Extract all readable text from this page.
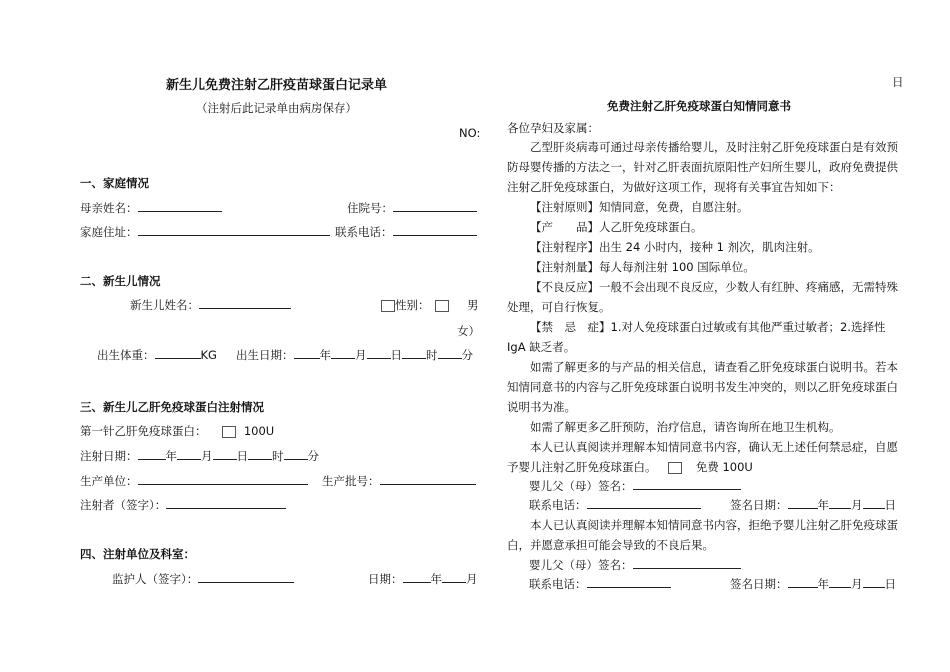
新生儿免费注射乙肝疫苗球蛋白记录单
（注射后此记录单由病房保存）
NO:
一、家庭情况
母亲姓名：	住院号：
家庭住址：	联系电话：
二、新生儿情况
新生儿姓名：	性别：	男
女）
出生体重：	KG 出生日期： 年 月 日 时 分
三、新生儿乙肝免疫球蛋白注射情况
第一针乙肝免疫球蛋白：	100U
注射日期： 年 月 日 时 分
生产单位：	生产批号：
注射者（签字）：
四、注射单位及科室：
监护人（签字）：	日期： 年 月
日
免费注射乙肝免疫球蛋白知情同意书
各位孕妇及家属：
乙型肝炎病毒可通过母亲传播给婴儿，及时注射乙肝免疫球蛋白是有效预防母婴传播的方法之一，针对乙肝表面抗原阳性产妇所生婴儿，政府免费提供注射乙肝免疫球蛋白，为做好这项工作，现将有关事宜告知如下：
【注射原则】知情同意，免费，自愿注射。
【产　　品】人乙肝免疫球蛋白。
【注射程序】出生 24 小时内，接种 1 剂次，肌肉注射。
【注射剂量】每人每剂注射 100 国际单位。
【不良反应】一般不会出现不良反应，少数人有红肿、疼痛感，无需特殊处理，可自行恢复。
【禁　忌　症】1.对人免疫球蛋白过敏或有其他严重过敏者；2.选择性 IgA 缺乏者。
如需了解更多的与产品的相关信息，请查看乙肝免疫球蛋白说明书。若本知情同意书的内容与乙肝免疫球蛋白说明书发生冲突的，则以乙肝免疫球蛋白说明书为准。
如需了解更多乙肝预防，治疗信息，请咨询所在地卫生机构。
本人已认真阅读并理解本知情同意书内容，确认无上述任何禁忌症，自愿予婴儿注射乙肝免疫球蛋白。	免费 100U
婴儿父（母）签名：
联系电话：	签名日期：	年 月 日
本人已认真阅读并理解本知情同意书内容，拒绝予婴儿注射乙肝免疫球蛋白，并愿意承担可能会导致的不良后果。
婴儿父（母）签名：
联系电话：	签名日期：	年 月 日
